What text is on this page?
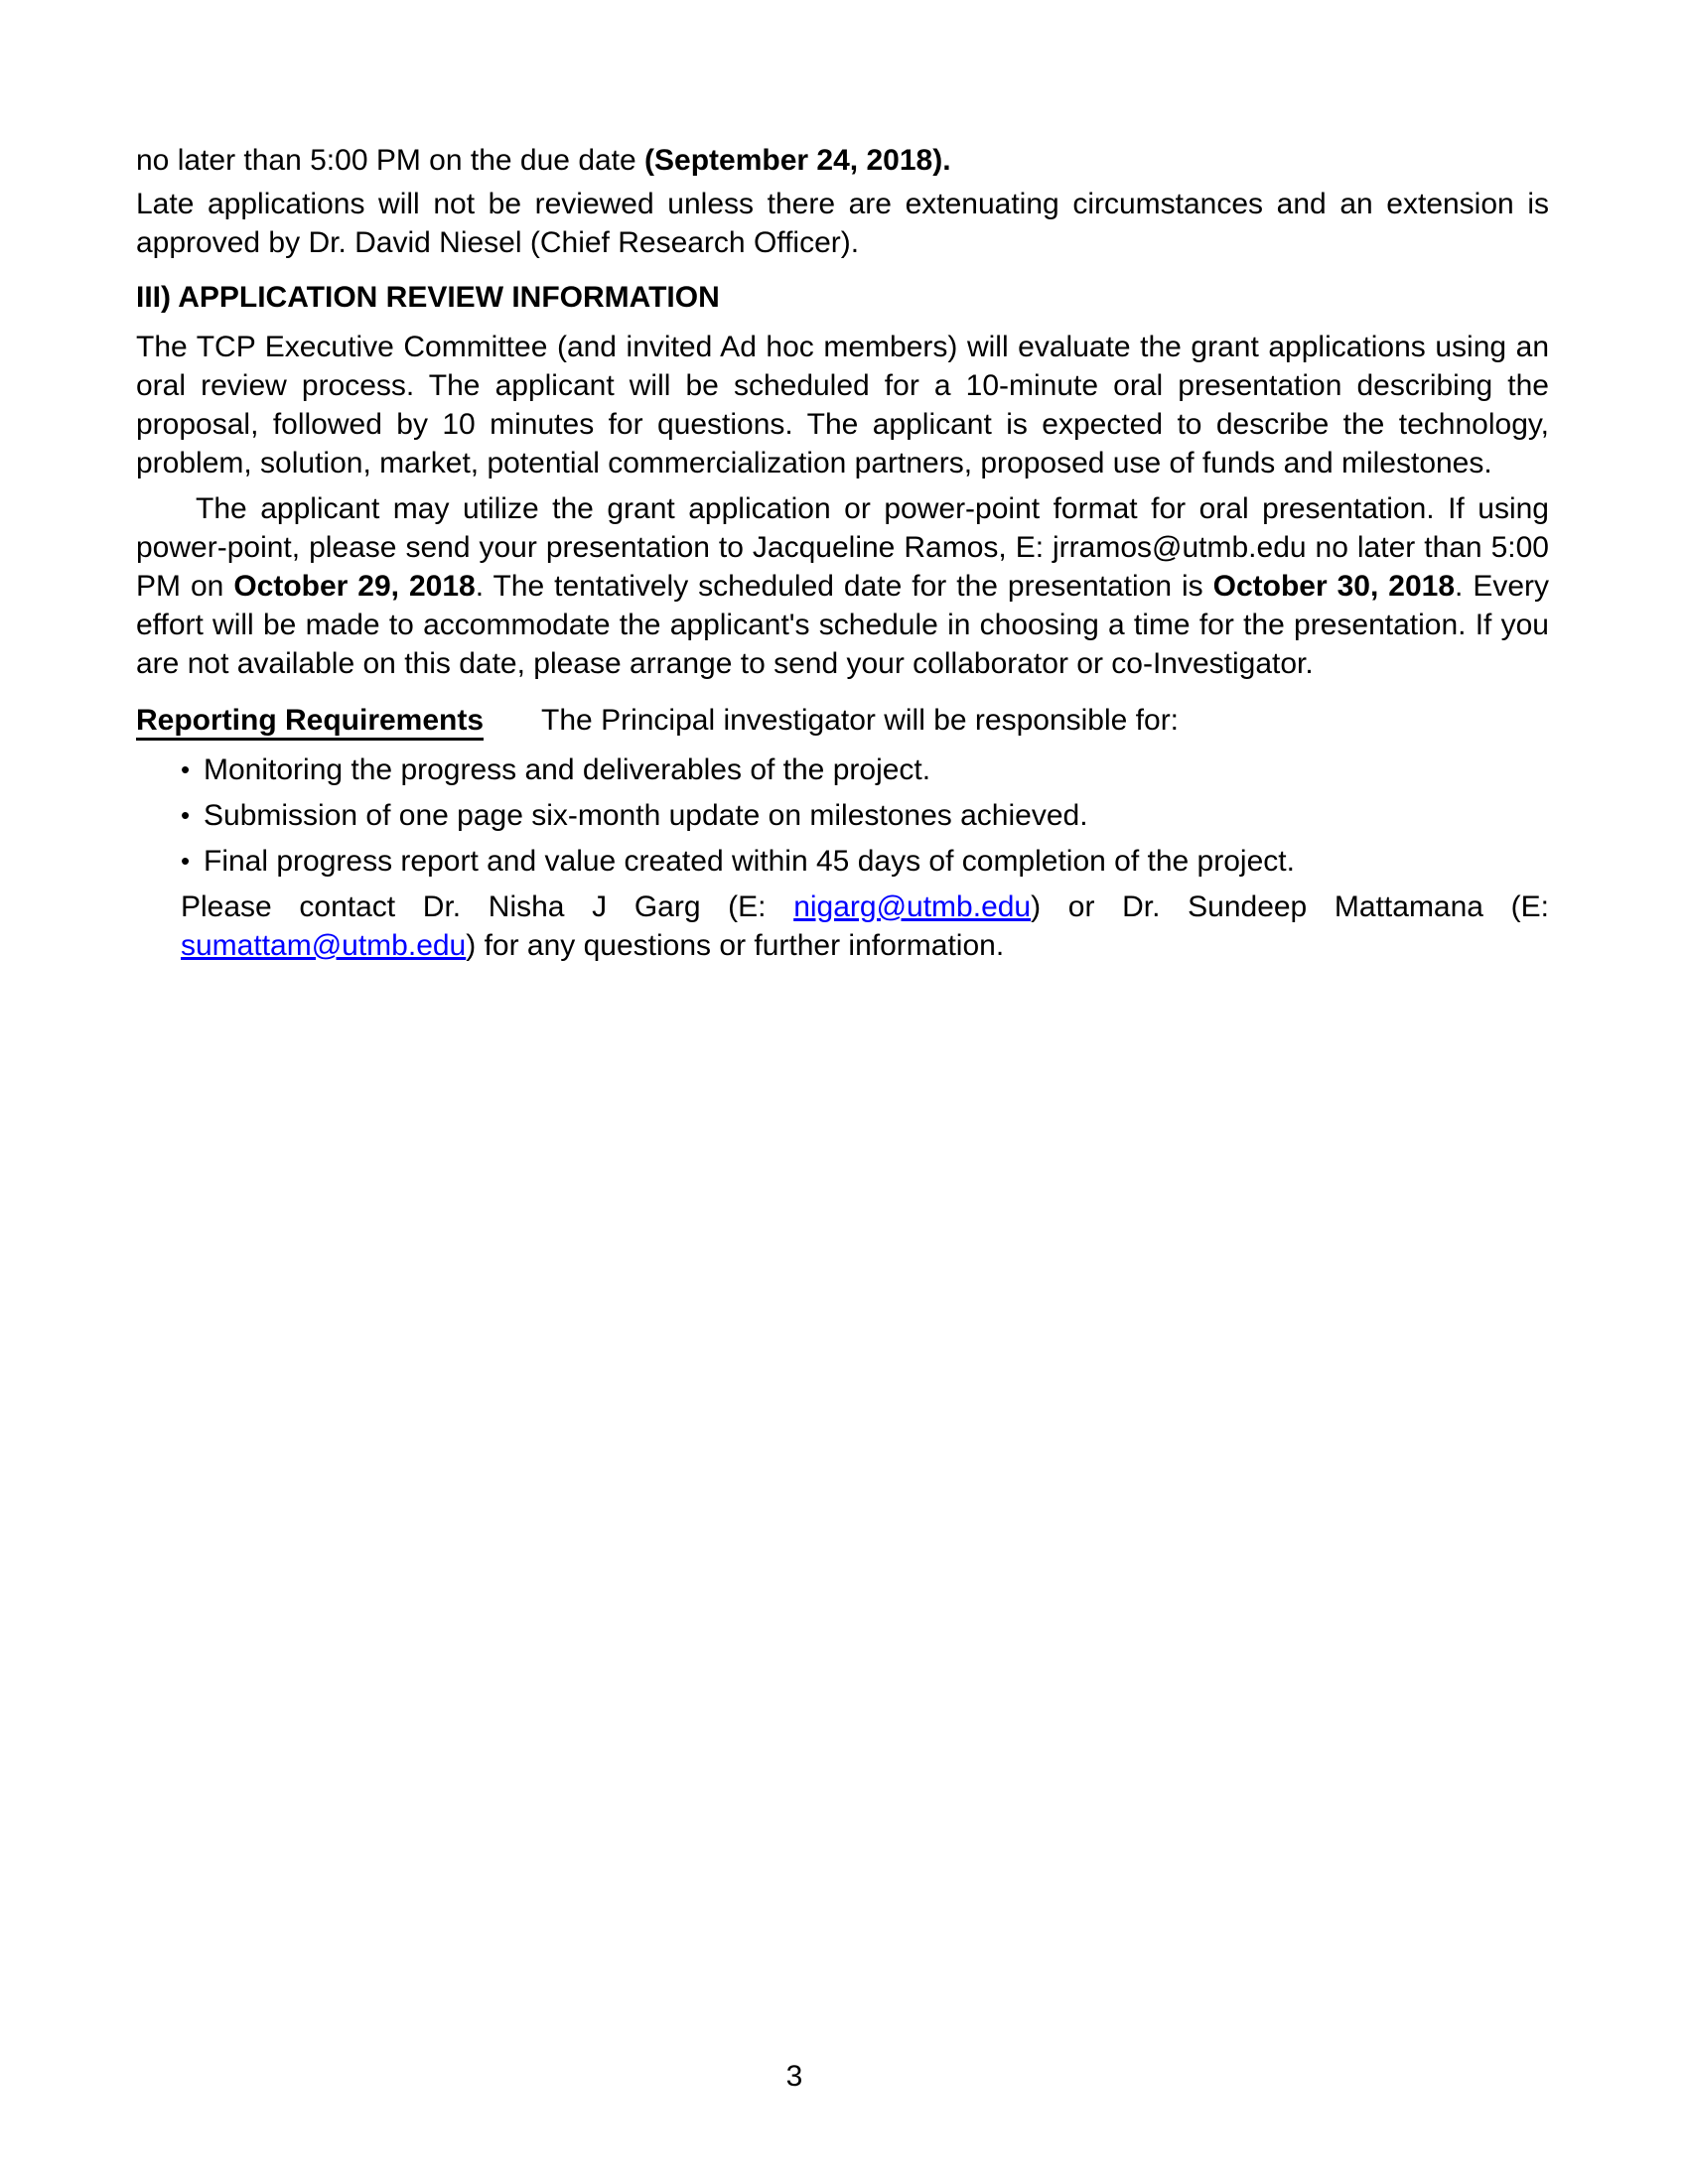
no later than 5:00 PM on the due date (September 24, 2018).

Late applications will not be reviewed unless there are extenuating circumstances and an extension is approved by Dr. David Niesel (Chief Research Officer).

III) APPLICATION REVIEW INFORMATION

The TCP Executive Committee (and invited Ad hoc members) will evaluate the grant applications using an oral review process. The applicant will be scheduled for a 10-minute oral presentation describing the proposal, followed by 10 minutes for questions. The applicant is expected to describe the technology, problem, solution, market, potential commercialization partners, proposed use of funds and milestones.

The applicant may utilize the grant application or power-point format for oral presentation. If using power-point, please send your presentation to Jacqueline Ramos, E: jrramos@utmb.edu no later than 5:00 PM on October 29, 2018. The tentatively scheduled date for the presentation is October 30, 2018. Every effort will be made to accommodate the applicant's schedule in choosing a time for the presentation. If you are not available on this date, please arrange to send your collaborator or co-Investigator.

Reporting Requirements The Principal investigator will be responsible for:

• Monitoring the progress and deliverables of the project.
• Submission of one page six-month update on milestones achieved.
• Final progress report and value created within 45 days of completion of the project.

Please contact Dr. Nisha J Garg (E: nigarg@utmb.edu) or Dr. Sundeep Mattamana (E: sumattam@utmb.edu) for any questions or further information.

3
